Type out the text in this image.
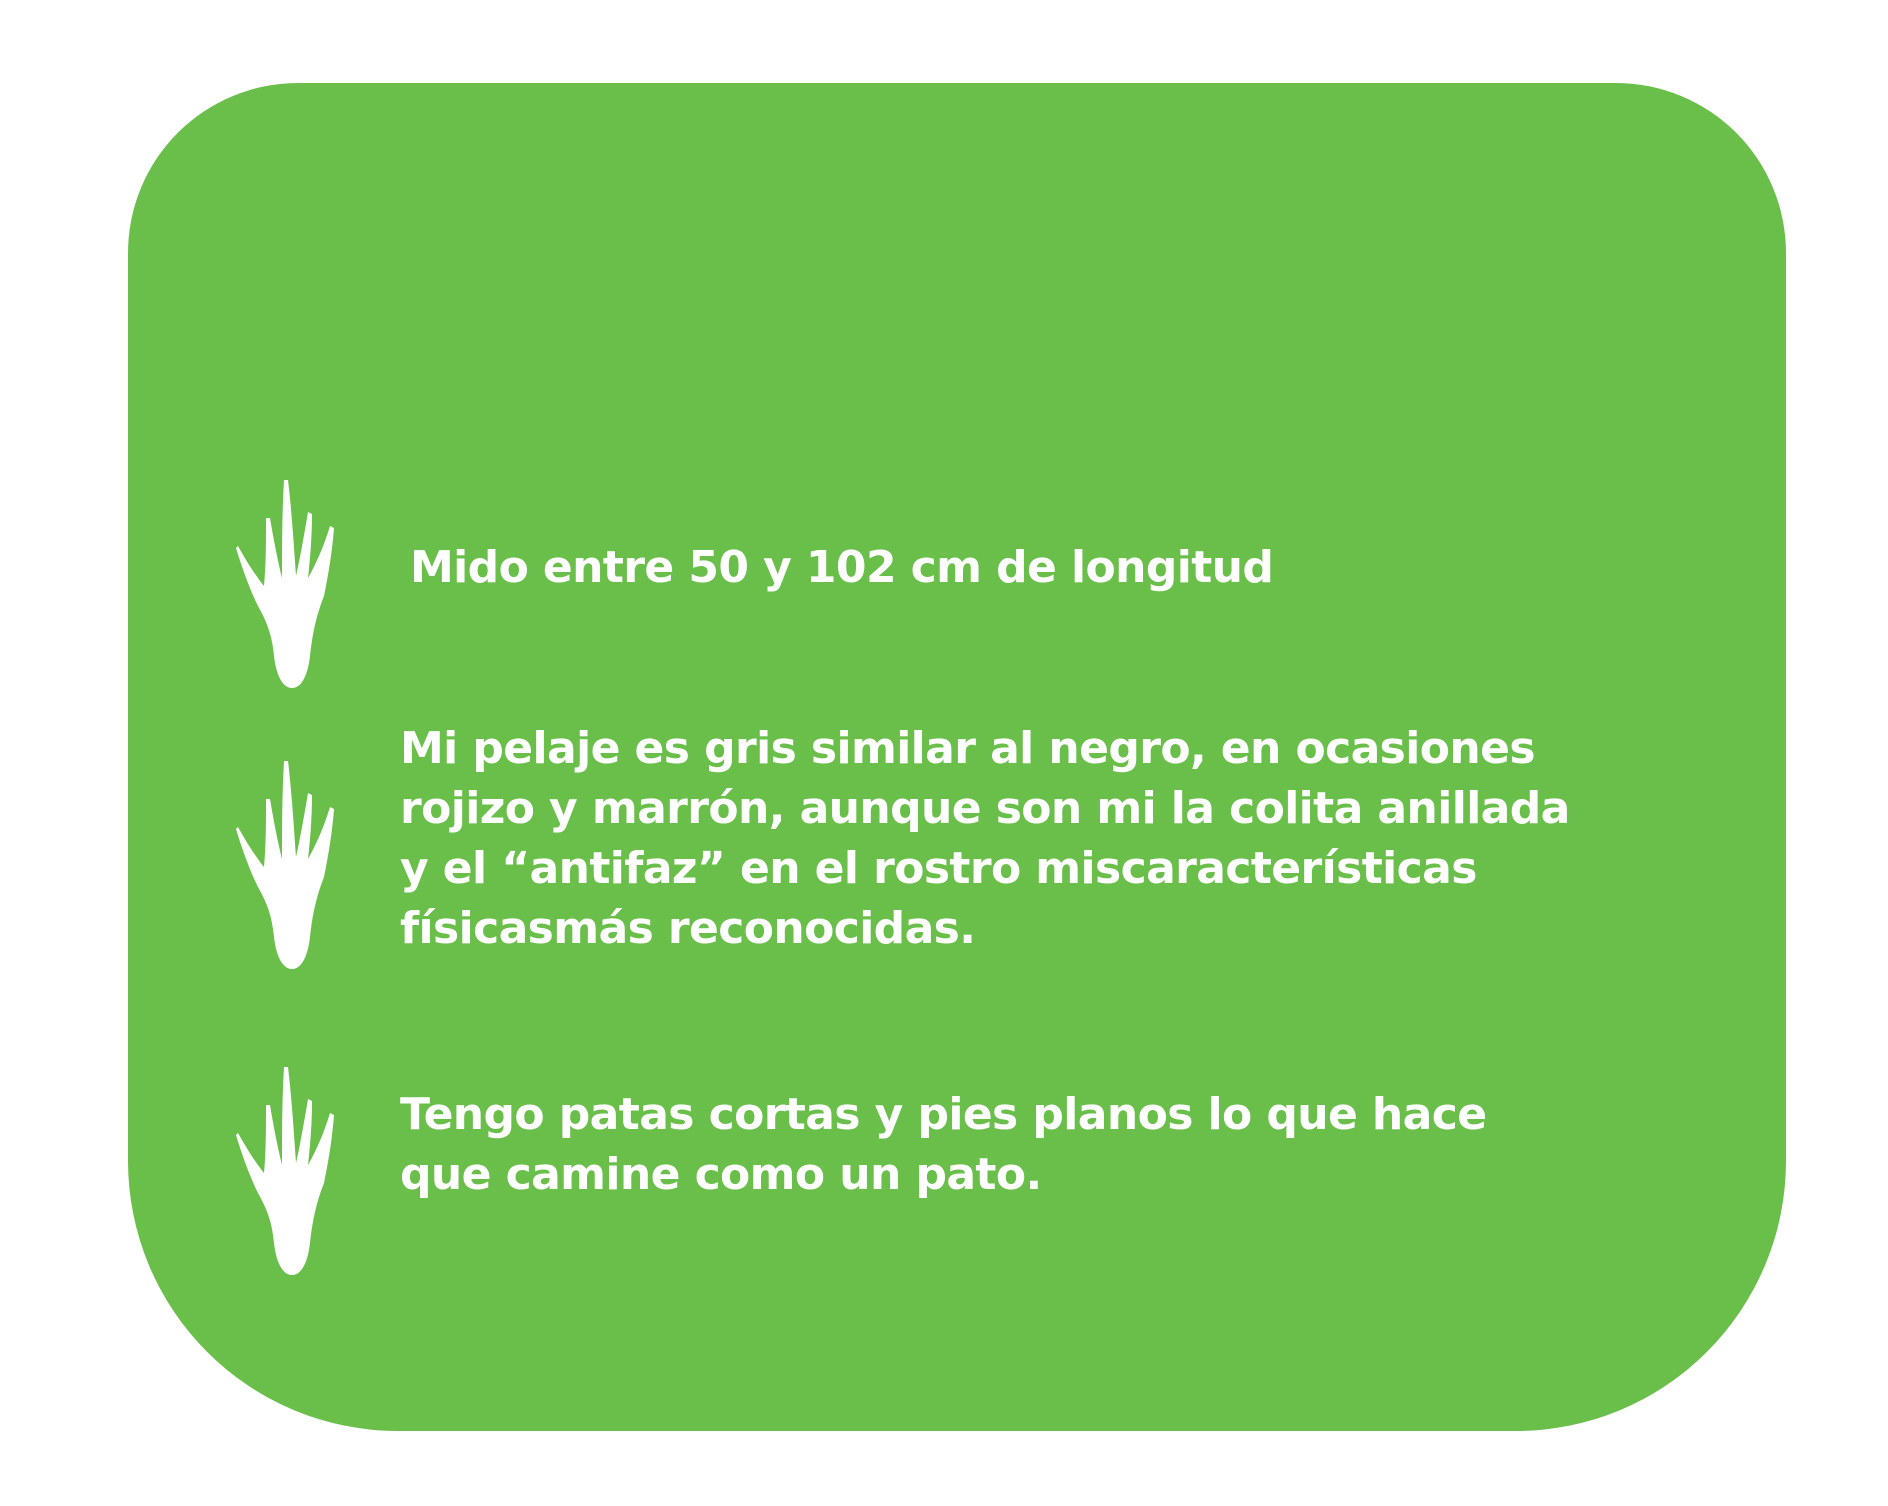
Mido entre 50 y 102 cm de longitud

Mi pelaje es gris similar al negro, en ocasiones
rojizo y marrón, aunque son mi la colita anillada
y el “antifaz” en el rostro miscaracterísticas
físicasmás reconocidas.

Tengo patas cortas y pies planos lo que hace
que camine como un pato.
